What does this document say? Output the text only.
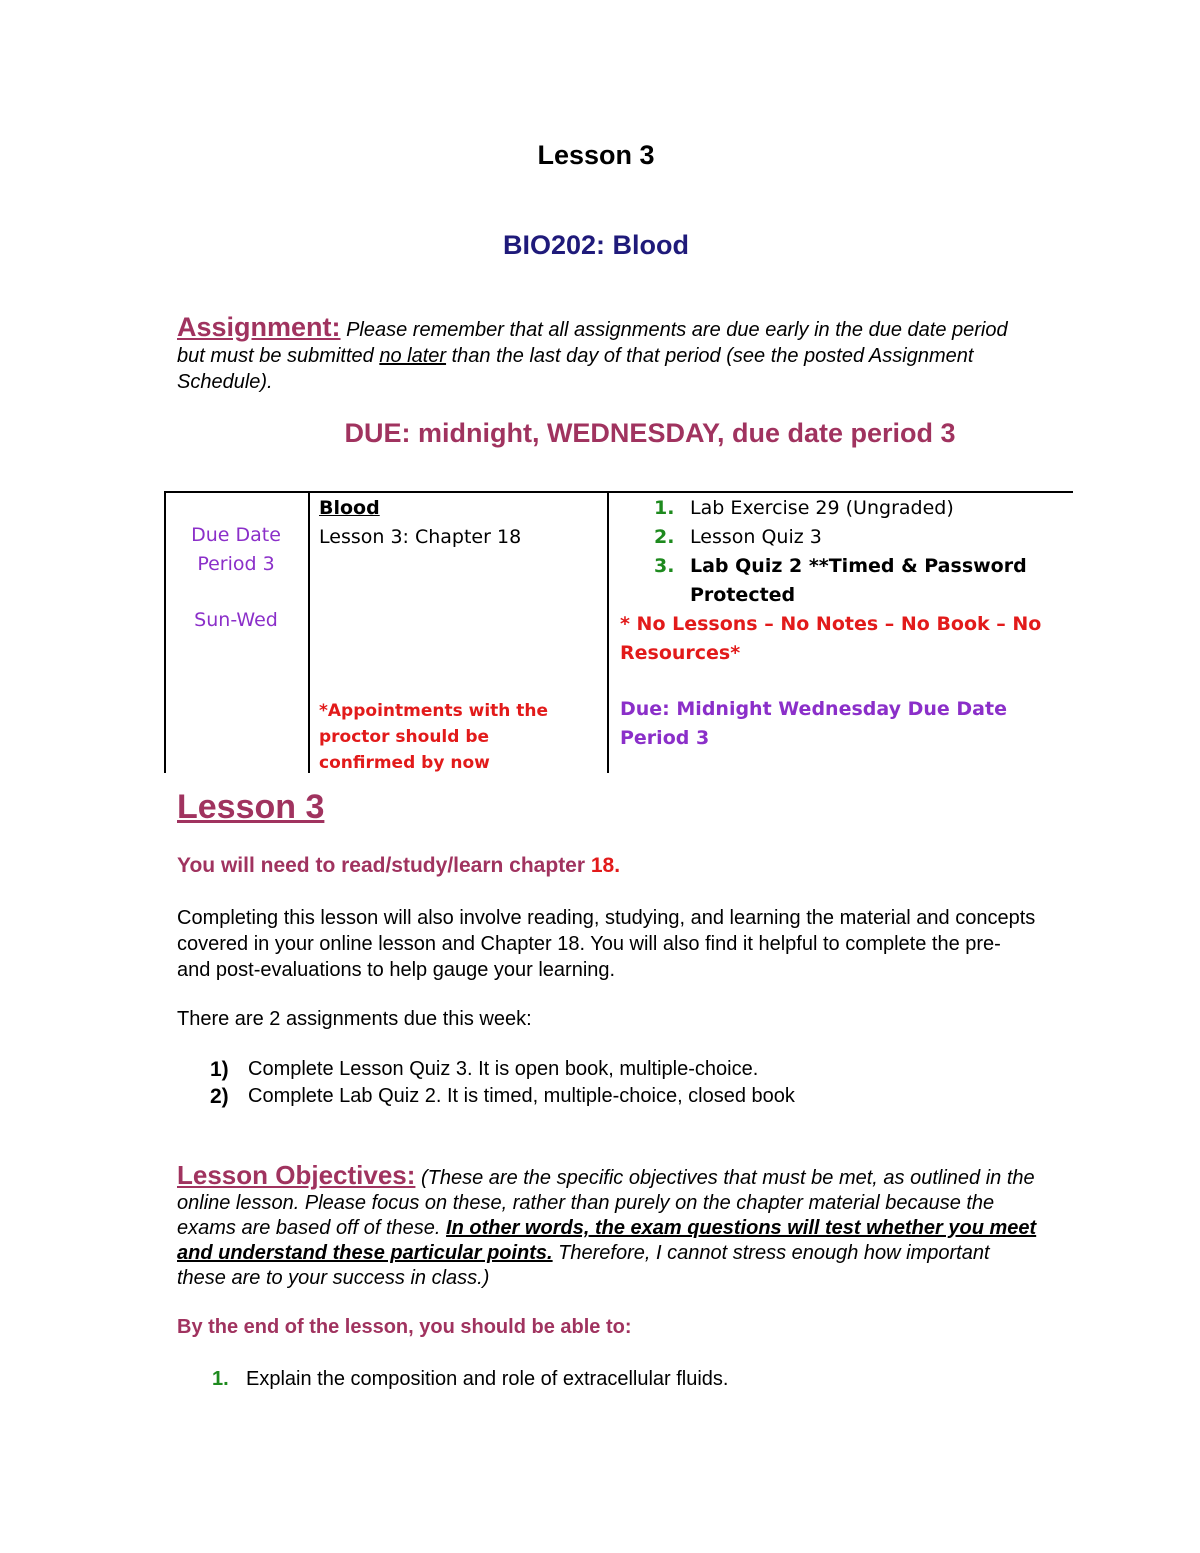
Lesson 3
BIO202: Blood
Assignment: Please remember that all assignments are due early in the due date period but must be submitted no later than the last day of that period (see the posted Assignment Schedule).
DUE: midnight, WEDNESDAY, due date period 3
Due Date
Period 3
Sun-Wed
Blood
Lesson 3: Chapter 18
*Appointments with the proctor should be confirmed by now
1. Lab Exercise 29 (Ungraded)
2. Lesson Quiz 3
3. Lab Quiz 2 **Timed & Password Protected
* No Lessons – No Notes – No Book – No Resources*
Due: Midnight Wednesday Due Date Period 3
Lesson 3
You will need to read/study/learn chapter 18.
Completing this lesson will also involve reading, studying, and learning the material and concepts covered in your online lesson and Chapter 18. You will also find it helpful to complete the pre- and post-evaluations to help gauge your learning.
There are 2 assignments due this week:
1) Complete Lesson Quiz 3. It is open book, multiple-choice.
2) Complete Lab Quiz 2. It is timed, multiple-choice, closed book
Lesson Objectives: (These are the specific objectives that must be met, as outlined in the online lesson. Please focus on these, rather than purely on the chapter material because the exams are based off of these. In other words, the exam questions will test whether you meet and understand these particular points. Therefore, I cannot stress enough how important these are to your success in class.)
By the end of the lesson, you should be able to:
1. Explain the composition and role of extracellular fluids.
